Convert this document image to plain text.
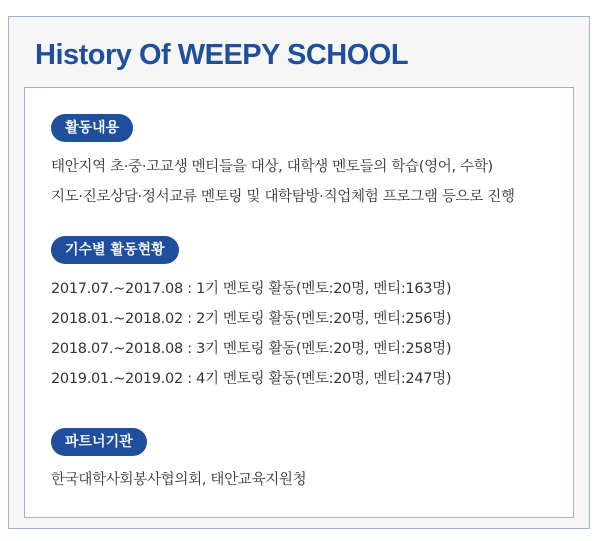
History Of WEEPY SCHOOL
활동내용
태안지역 초·중·고교생 멘티들을 대상, 대학생 멘토들의 학습(영어, 수학)
지도·진로상담·정서교류 멘토링 및 대학탐방·직업체험 프로그램 등으로 진행
기수별 활동현황
2017.07.~2017.08 : 1기 멘토링 활동(멘토:20명, 멘티:163명)
2018.01.~2018.02 : 2기 멘토링 활동(멘토:20명, 멘티:256명)
2018.07.~2018.08 : 3기 멘토링 활동(멘토:20명, 멘티:258명)
2019.01.~2019.02 : 4기 멘토링 활동(멘토:20명, 멘티:247명)
파트너기관
한국대학사회봉사협의회, 태안교육지원청
